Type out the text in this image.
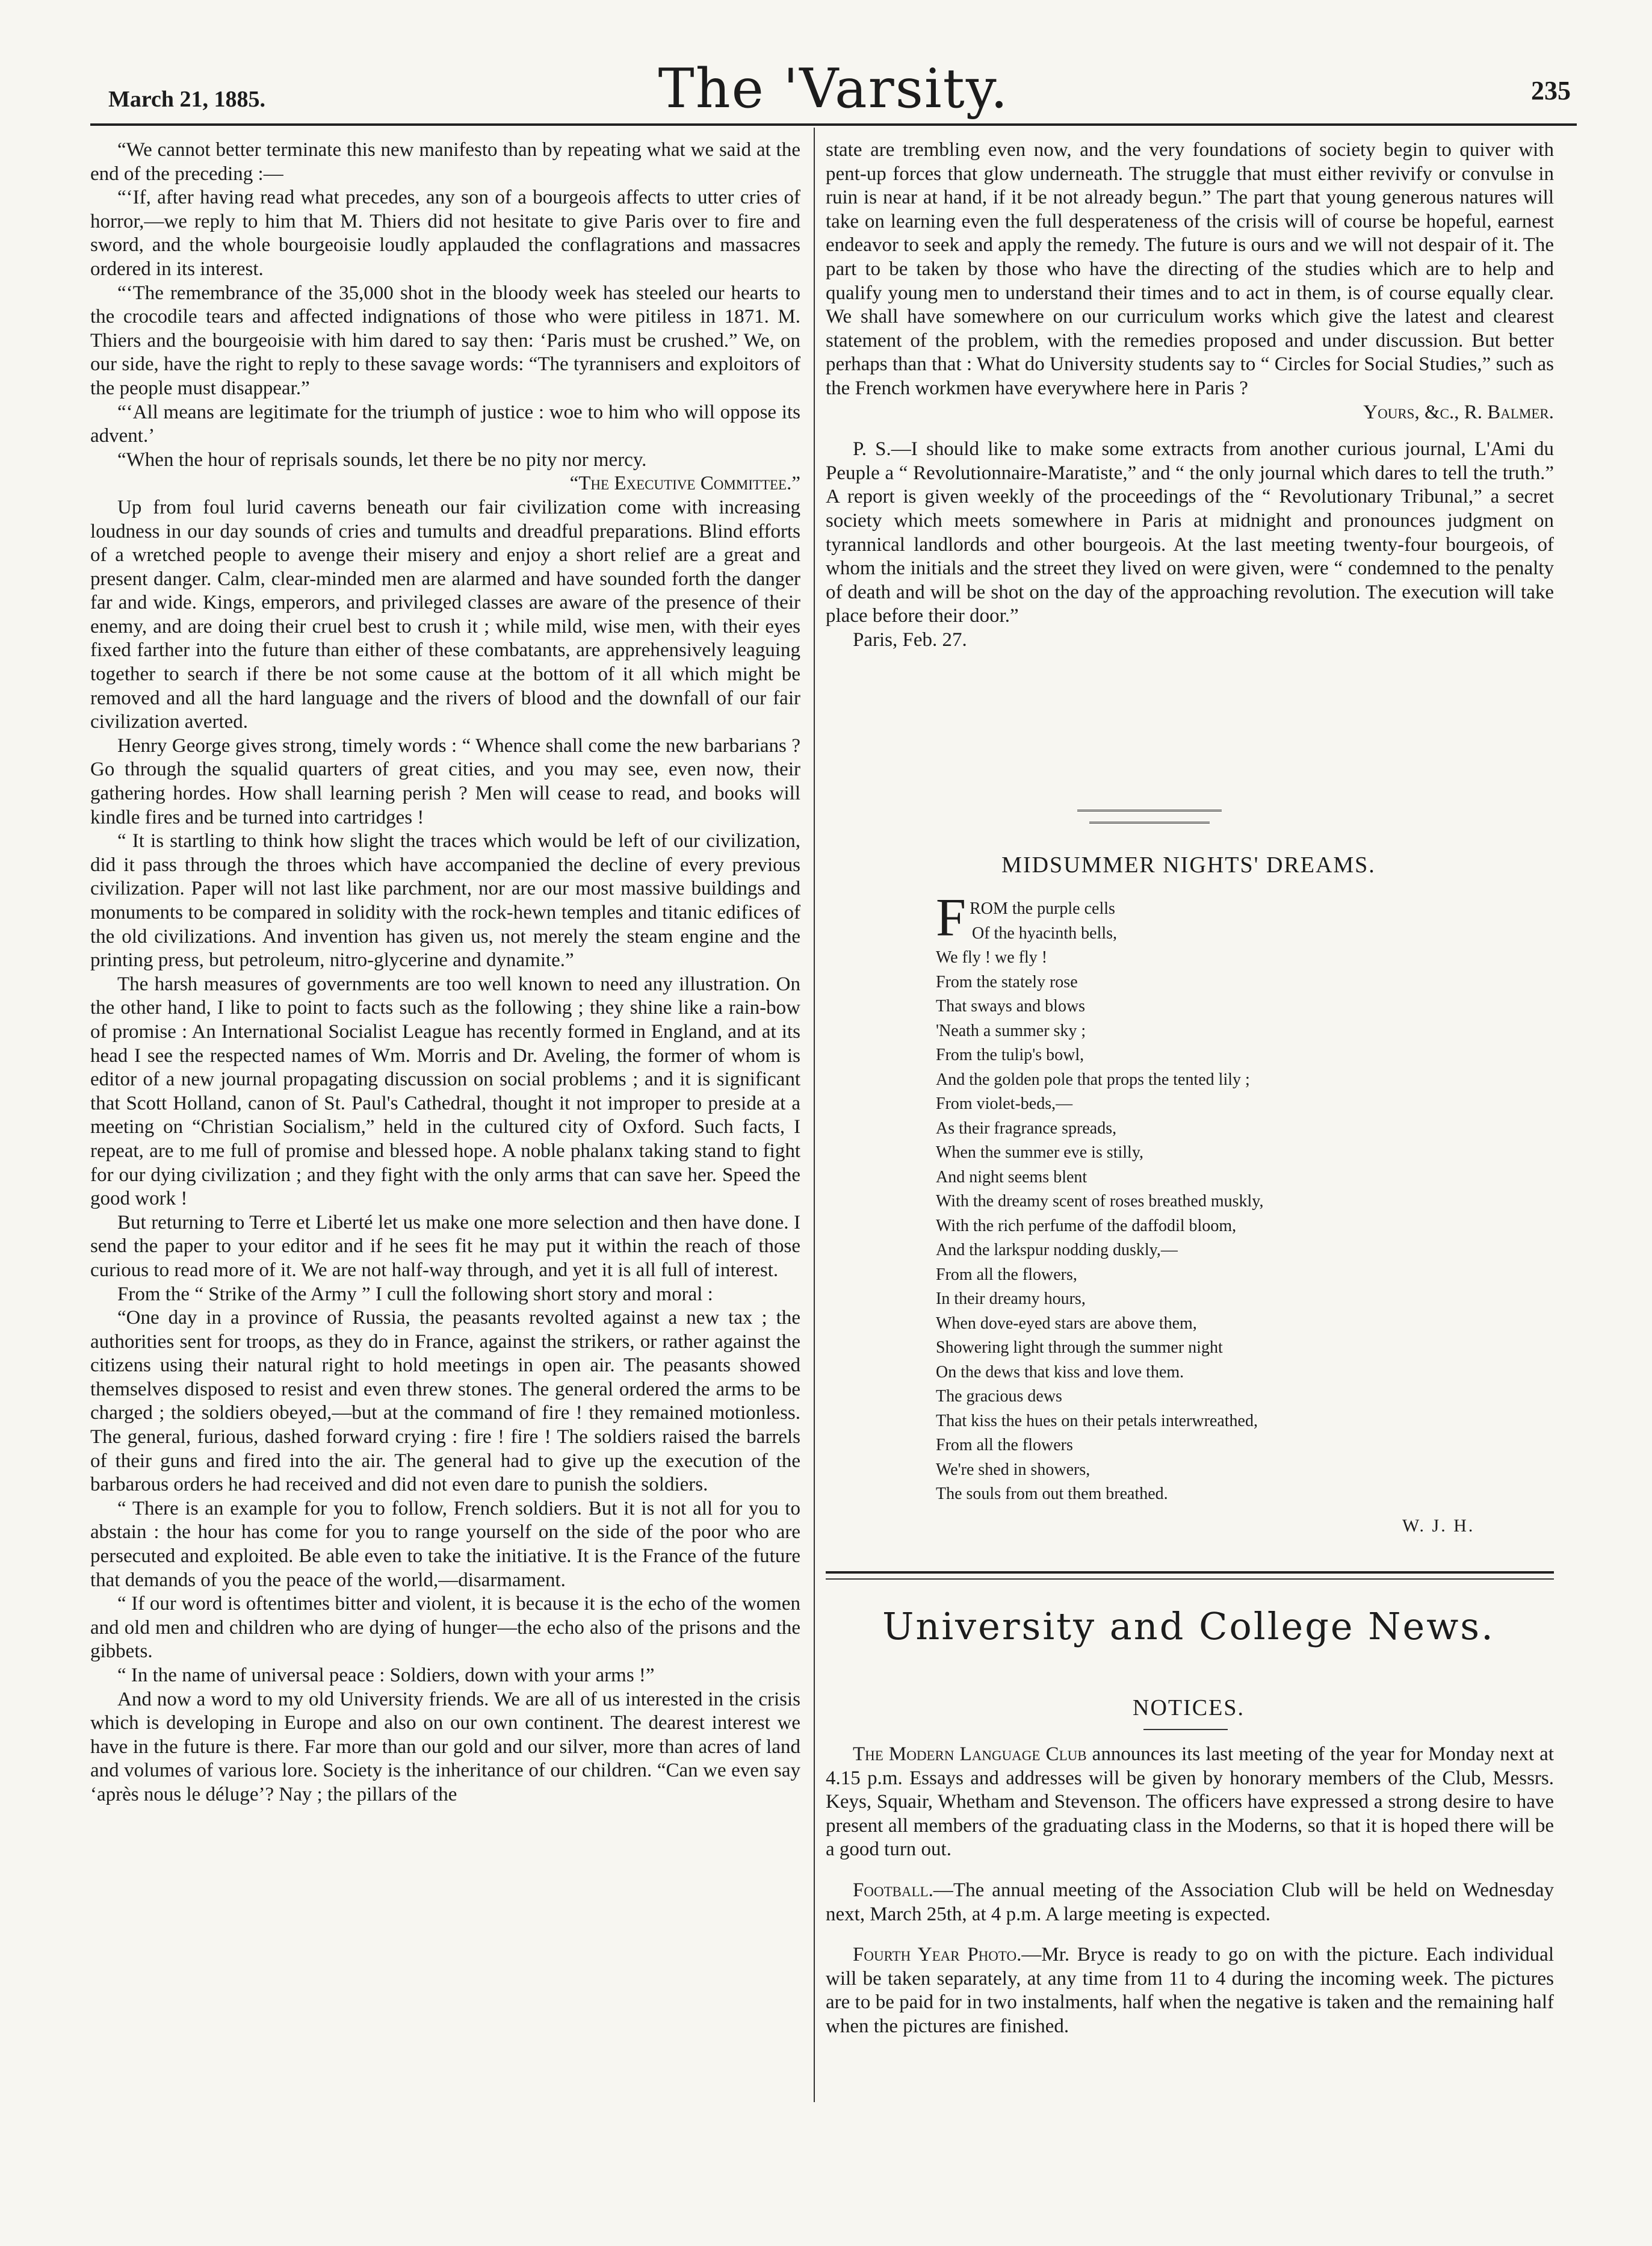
March 21, 1885.	The 'Varsity.	235

“We cannot better terminate this new manifesto than by repeating what we said at the end of the preceding :—

“‘If, after having read what precedes, any son of a bourgeois affects to utter cries of horror,—we reply to him that M. Thiers did not hesitate to give Paris over to fire and sword, and the whole bourgeoisie loudly applauded the conflagrations and massacres ordered in its interest.

“‘The remembrance of the 35,000 shot in the bloody week has steeled our hearts to the crocodile tears and affected indignations of those who were pitiless in 1871. M. Thiers and the bourgeoisie with him dared to say then: ‘Paris must be crushed.” We, on our side, have the right to reply to these savage words: “The tyrannisers and exploitors of the people must disappear.”

“‘All means are legitimate for the triumph of justice : woe to him who will oppose its advent.’

“When the hour of reprisals sounds, let there be no pity nor mercy.

“The Executive Committee.”

Up from foul lurid caverns beneath our fair civilization come with increasing loudness in our day sounds of cries and tumults and dreadful preparations. Blind efforts of a wretched people to avenge their misery and enjoy a short relief are a great and present danger. Calm, clear-minded men are alarmed and have sounded forth the danger far and wide. Kings, emperors, and privileged classes are aware of the presence of their enemy, and are doing their cruel best to crush it ; while mild, wise men, with their eyes fixed farther into the future than either of these combatants, are apprehensively leaguing together to search if there be not some cause at the bottom of it all which might be removed and all the hard language and the rivers of blood and the downfall of our fair civilization averted.

Henry George gives strong, timely words : “ Whence shall come the new barbarians ? Go through the squalid quarters of great cities, and you may see, even now, their gathering hordes. How shall learning perish ? Men will cease to read, and books will kindle fires and be turned into cartridges !

“ It is startling to think how slight the traces which would be left of our civilization, did it pass through the throes which have accompanied the decline of every previous civilization. Paper will not last like parchment, nor are our most massive buildings and monuments to be compared in solidity with the rock-hewn temples and titanic edifices of the old civilizations. And invention has given us, not merely the steam engine and the printing press, but petroleum, nitro-glycerine and dynamite.”

The harsh measures of governments are too well known to need any illustration. On the other hand, I like to point to facts such as the following ; they shine like a rain-bow of promise : An International Socialist League has recently formed in England, and at its head I see the respected names of Wm. Morris and Dr. Aveling, the former of whom is editor of a new journal propagating discussion on social problems ; and it is significant that Scott Holland, canon of St. Paul's Cathedral, thought it not improper to preside at a meeting on “Christian Socialism,” held in the cultured city of Oxford. Such facts, I repeat, are to me full of promise and blessed hope. A noble phalanx taking stand to fight for our dying civilization ; and they fight with the only arms that can save her. Speed the good work !

But returning to Terre et Liberté let us make one more selection and then have done. I send the paper to your editor and if he sees fit he may put it within the reach of those curious to read more of it. We are not half-way through, and yet it is all full of interest.

From the “ Strike of the Army ” I cull the following short story and moral :

“One day in a province of Russia, the peasants revolted against a new tax ; the authorities sent for troops, as they do in France, against the strikers, or rather against the citizens using their natural right to hold meetings in open air. The peasants showed themselves disposed to resist and even threw stones. The general ordered the arms to be charged ; the soldiers obeyed,—but at the command of fire ! they remained motionless. The general, furious, dashed forward crying : fire ! fire ! The soldiers raised the barrels of their guns and fired into the air. The general had to give up the execution of the barbarous orders he had received and did not even dare to punish the soldiers.

“ There is an example for you to follow, French soldiers. But it is not all for you to abstain : the hour has come for you to range yourself on the side of the poor who are persecuted and exploited. Be able even to take the initiative. It is the France of the future that demands of you the peace of the world,—disarmament.

“ If our word is oftentimes bitter and violent, it is because it is the echo of the women and old men and children who are dying of hunger—the echo also of the prisons and the gibbets.

“ In the name of universal peace : Soldiers, down with your arms !”

And now a word to my old University friends. We are all of us interested in the crisis which is developing in Europe and also on our own continent. The dearest interest we have in the future is there. Far more than our gold and our silver, more than acres of land and volumes of various lore. Society is the inheritance of our children. “Can we even say ‘après nous le déluge’? Nay ; the pillars of the

state are trembling even now, and the very foundations of society begin to quiver with pent-up forces that glow underneath. The struggle that must either revivify or convulse in ruin is near at hand, if it be not already begun.” The part that young generous natures will take on learning even the full desperateness of the crisis will of course be hopeful, earnest endeavor to seek and apply the remedy. The future is ours and we will not despair of it. The part to be taken by those who have the directing of the studies which are to help and qualify young men to understand their times and to act in them, is of course equally clear. We shall have somewhere on our curriculum works which give the latest and clearest statement of the problem, with the remedies proposed and under discussion. But better perhaps than that : What do University students say to “ Circles for Social Studies,” such as the French workmen have everywhere here in Paris ?

Yours, &c., R. Balmer.

P. S.—I should like to make some extracts from another curious journal, L'Ami du Peuple a “ Revolutionnaire-Maratiste,” and “ the only journal which dares to tell the truth.” A report is given weekly of the proceedings of the “ Revolutionary Tribunal,” a secret society which meets somewhere in Paris at midnight and pronounces judgment on tyrannical landlords and other bourgeois. At the last meeting twenty-four bourgeois, of whom the initials and the street they lived on were given, were “ condemned to the penalty of death and will be shot on the day of the approaching revolution. The execution will take place before their door.”

Paris, Feb. 27.

MIDSUMMER NIGHTS' DREAMS.
FROM the purple cells
Of the hyacinth bells,
We fly ! we fly !
From the stately rose
That sways and blows
'Neath a summer sky ;
From the tulip's bowl,
And the golden pole that props the tented lily ;
From violet-beds,—
As their fragrance spreads,
When the summer eve is stilly,
And night seems blent
With the dreamy scent of roses breathed muskly,
With the rich perfume of the daffodil bloom,
And the larkspur nodding duskly,—
From all the flowers,
In their dreamy hours,
When dove-eyed stars are above them,
Showering light through the summer night
On the dews that kiss and love them.
The gracious dews
That kiss the hues on their petals interwreathed,
From all the flowers
We're shed in showers,
The souls from out them breathed.
W. J. H.
University and College News.
NOTICES.

The Modern Language Club announces its last meeting of the year for Monday next at 4.15 p.m. Essays and addresses will be given by honorary members of the Club, Messrs. Keys, Squair, Whetham and Stevenson. The officers have expressed a strong desire to have present all members of the graduating class in the Moderns, so that it is hoped there will be a good turn out.

Football.—The annual meeting of the Association Club will be held on Wednesday next, March 25th, at 4 p.m. A large meeting is expected.

Fourth Year Photo.—Mr. Bryce is ready to go on with the picture. Each individual will be taken separately, at any time from 11 to 4 during the incoming week. The pictures are to be paid for in two instalments, half when the negative is taken and the remaining half when the pictures are finished.
